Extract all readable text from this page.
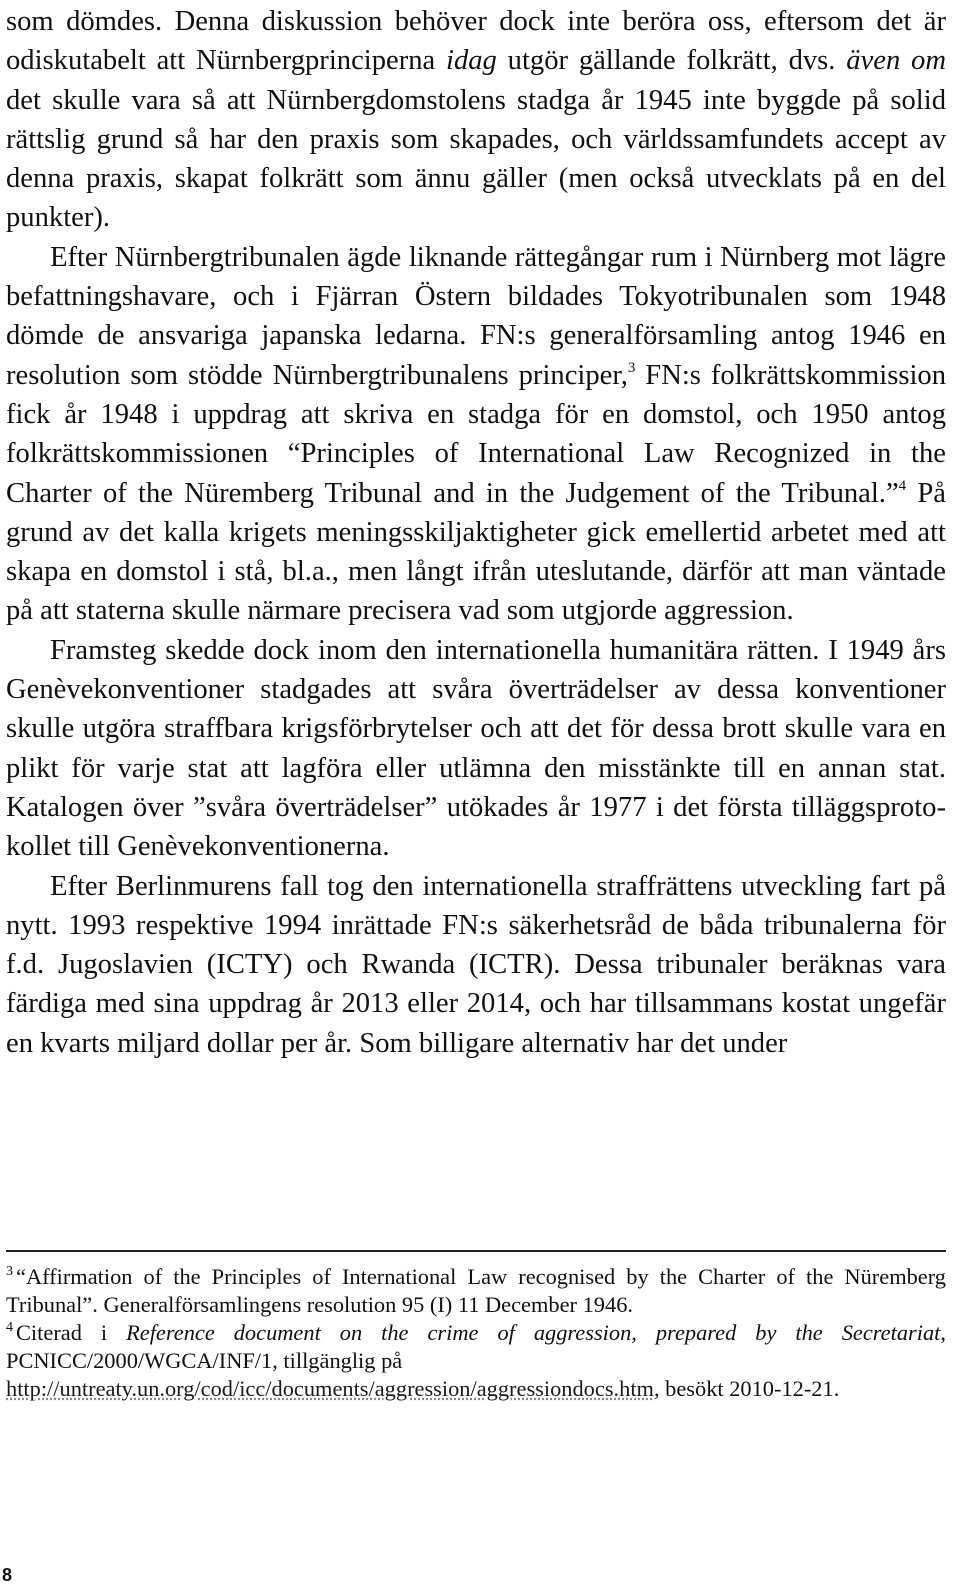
som dömdes. Denna diskussion behöver dock inte beröra oss, eftersom det är odiskutabelt att Nürnbergprinciperna idag utgör gällande folkrätt, dvs. även om det skulle vara så att Nürnbergdomstolens stadga år 1945 inte byggde på solid rättslig grund så har den praxis som skapades, och världssamfundets accept av denna praxis, skapat folkrätt som ännu gäller (men också utvecklats på en del punkter).

Efter Nürnbergtribunalen ägde liknande rättegångar rum i Nürnberg mot lägre befattningshavare, och i Fjärran Östern bildades Tokyotribunalen som 1948 dömde de ansvariga japanska ledarna. FN:s generalförsamling antog 1946 en resolution som stödde Nürnbergtribunalens principer,$^3$ FN:s folkrättskommission fick år 1948 i uppdrag att skriva en stadga för en domstol, och 1950 antog folkrättskommissionen “Principles of International Law Recognized in the Charter of the Nüremberg Tribunal and in the Judgement of the Tribunal.”$^4$ På grund av det kalla krigets meningsskiljaktigheter gick emellertid arbetet med att skapa en domstol i stå, bl.a., men långt ifrån uteslutande, därför att man väntade på att staterna skulle närmare precisera vad som utgjorde aggression.

Framsteg skedde dock inom den internationella humanitära rätten. I 1949 års Genèvekonventioner stadgades att svåra överträdelser av dessa konventioner skulle utgöra straffbara krigsförbrytelser och att det för dessa brott skulle vara en plikt för varje stat att lagföra eller utlämna den misstänkte till en annan stat. Katalogen över ”svåra överträdelser” utökades år 1977 i det första tilläggsprotokollet till Genèvekonventionerna.

Efter Berlinmurens fall tog den internationella straffrättens utveckling fart på nytt. 1993 respektive 1994 inrättade FN:s säkerhetsråd de båda tribunalerna för f.d. Jugoslavien (ICTY) och Rwanda (ICTR). Dessa tribunaler beräknas vara färdiga med sina uppdrag år 2013 eller 2014, och har tillsammans kostat ungefär en kvarts miljard dollar per år. Som billigare alternativ har det under

$^3$ “Affirmation of the Principles of International Law recognised by the Charter of the Nüremberg Tribunal”. Generalförsamlingens resolution 95 (I) 11 December 1946.

$^4$ Citerad i Reference document on the crime of aggression, prepared by the Secretariat, PCNICC/2000/WGCA/INF/1, tillgänglig på
http://untreaty.un.org/cod/icc/documents/aggression/aggressiondocs.htm, besökt 2010-12-21.

8
